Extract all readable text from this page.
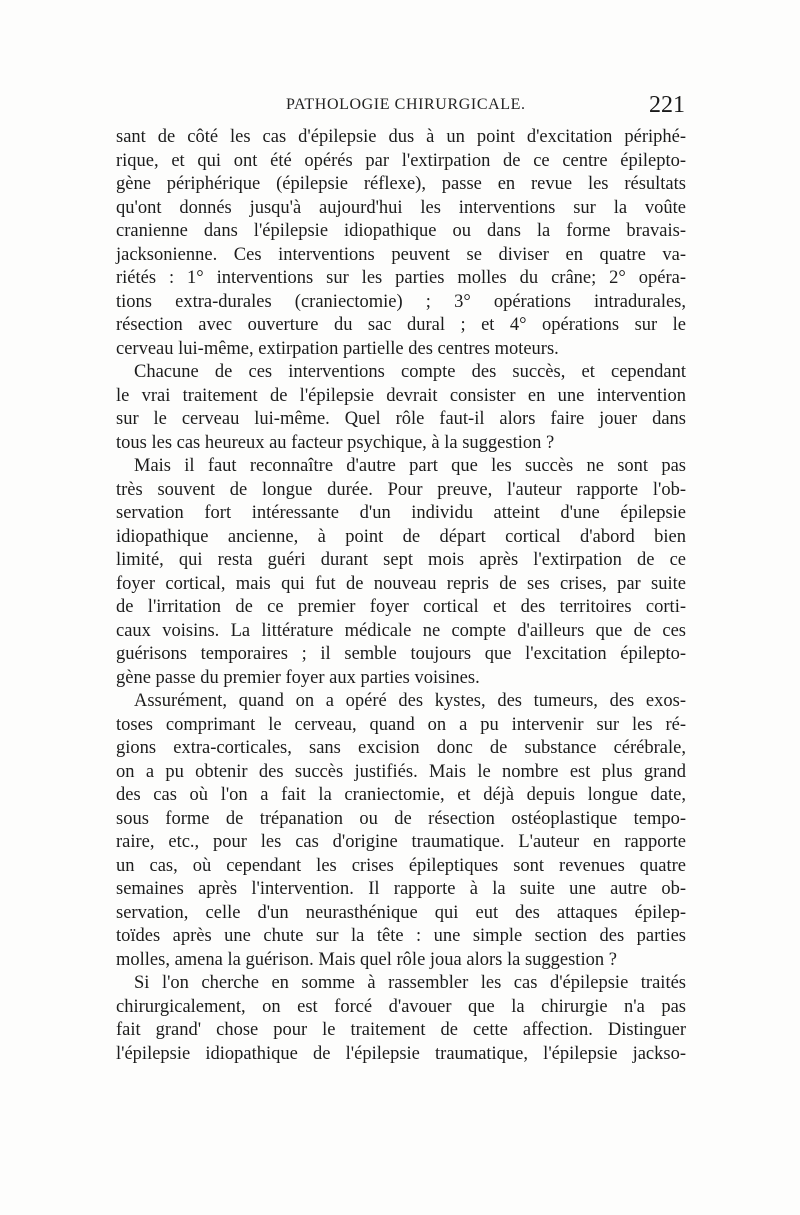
PATHOLOGIE CHIRURGICALE.	221
sant de côté les cas d'épilepsie dus à un point d'excitation périphé-
rique, et qui ont été opérés par l'extirpation de ce centre épilepto-
gène périphérique (épilepsie réflexe), passe en revue les résultats
qu'ont donnés jusqu'à aujourd'hui les interventions sur la voûte
cranienne dans l'épilepsie idiopathique ou dans la forme bravais-
jacksonienne. Ces interventions peuvent se diviser en quatre va-
riétés : 1° interventions sur les parties molles du crâne; 2° opéra-
tions extra-durales (craniectomie) ; 3° opérations intradurales,
résection avec ouverture du sac dural ; et 4° opérations sur le
cerveau lui-même, extirpation partielle des centres moteurs.
Chacune de ces interventions compte des succès, et cependant
le vrai traitement de l'épilepsie devrait consister en une intervention
sur le cerveau lui-même. Quel rôle faut-il alors faire jouer dans
tous les cas heureux au facteur psychique, à la suggestion ?
Mais il faut reconnaître d'autre part que les succès ne sont pas
très souvent de longue durée. Pour preuve, l'auteur rapporte l'ob-
servation fort intéressante d'un individu atteint d'une épilepsie
idiopathique ancienne, à point de départ cortical d'abord bien
limité, qui resta guéri durant sept mois après l'extirpation de ce
foyer cortical, mais qui fut de nouveau repris de ses crises, par suite
de l'irritation de ce premier foyer cortical et des territoires corti-
caux voisins. La littérature médicale ne compte d'ailleurs que de ces
guérisons temporaires ; il semble toujours que l'excitation épilepto-
gène passe du premier foyer aux parties voisines.
Assurément, quand on a opéré des kystes, des tumeurs, des exos-
toses comprimant le cerveau, quand on a pu intervenir sur les ré-
gions extra-corticales, sans excision donc de substance cérébrale,
on a pu obtenir des succès justifiés. Mais le nombre est plus grand
des cas où l'on a fait la craniectomie, et déjà depuis longue date,
sous forme de trépanation ou de résection ostéoplastique tempo-
raire, etc., pour les cas d'origine traumatique. L'auteur en rapporte
un cas, où cependant les crises épileptiques sont revenues quatre
semaines après l'intervention. Il rapporte à la suite une autre ob-
servation, celle d'un neurasthénique qui eut des attaques épilep-
toïdes après une chute sur la tête : une simple section des parties
molles, amena la guérison. Mais quel rôle joua alors la suggestion ?
Si l'on cherche en somme à rassembler les cas d'épilepsie traités
chirurgicalement, on est forcé d'avouer que la chirurgie n'a pas
fait grand' chose pour le traitement de cette affection. Distinguer
l'épilepsie idiopathique de l'épilepsie traumatique, l'épilepsie jackso-
